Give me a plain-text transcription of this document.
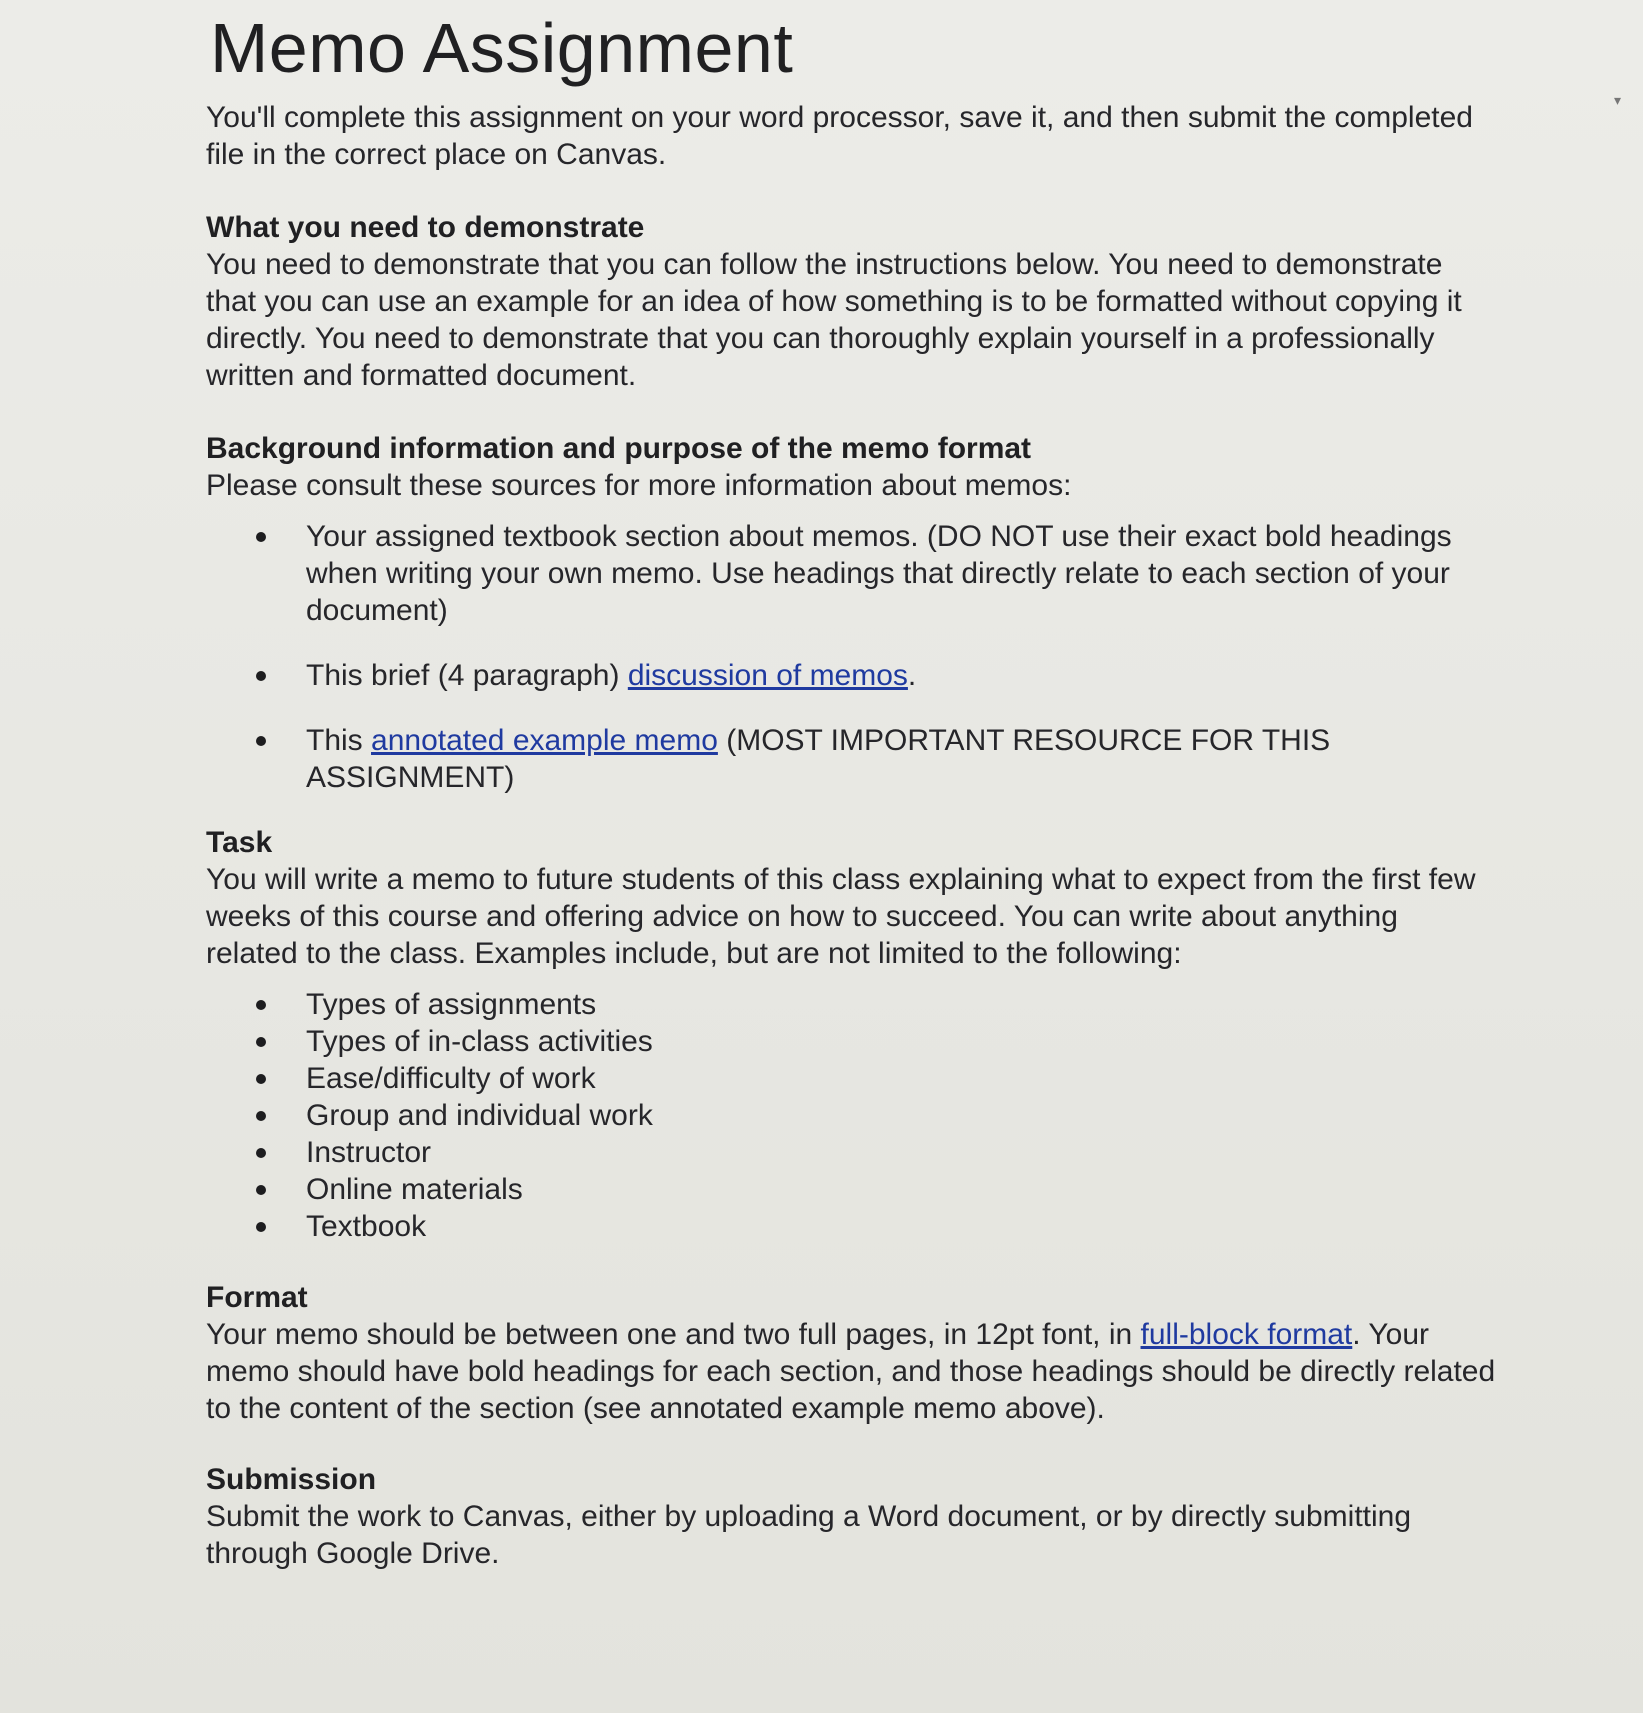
▾
Memo Assignment

You'll complete this assignment on your word processor, save it, and then submit the completed file in the correct place on Canvas.

What you need to demonstrate

You need to demonstrate that you can follow the instructions below. You need to demonstrate that you can use an example for an idea of how something is to be formatted without copying it directly. You need to demonstrate that you can thoroughly explain yourself in a professionally written and formatted document.

Background information and purpose of the memo format

Please consult these sources for more information about memos:

Your assigned textbook section about memos. (DO NOT use their exact bold headings when writing your own memo. Use headings that directly relate to each section of your document)
This brief (4 paragraph) discussion of memos.
This annotated example memo (MOST IMPORTANT RESOURCE FOR THIS ASSIGNMENT)

Task

You will write a memo to future students of this class explaining what to expect from the first few weeks of this course and offering advice on how to succeed. You can write about anything related to the class. Examples include, but are not limited to the following:

Types of assignments
Types of in-class activities
Ease/difficulty of work
Group and individual work
Instructor
Online materials
Textbook

Format

Your memo should be between one and two full pages, in 12pt font, in full-block format. Your memo should have bold headings for each section, and those headings should be directly related to the content of the section (see annotated example memo above).

Submission

Submit the work to Canvas, either by uploading a Word document, or by directly submitting through Google Drive.
